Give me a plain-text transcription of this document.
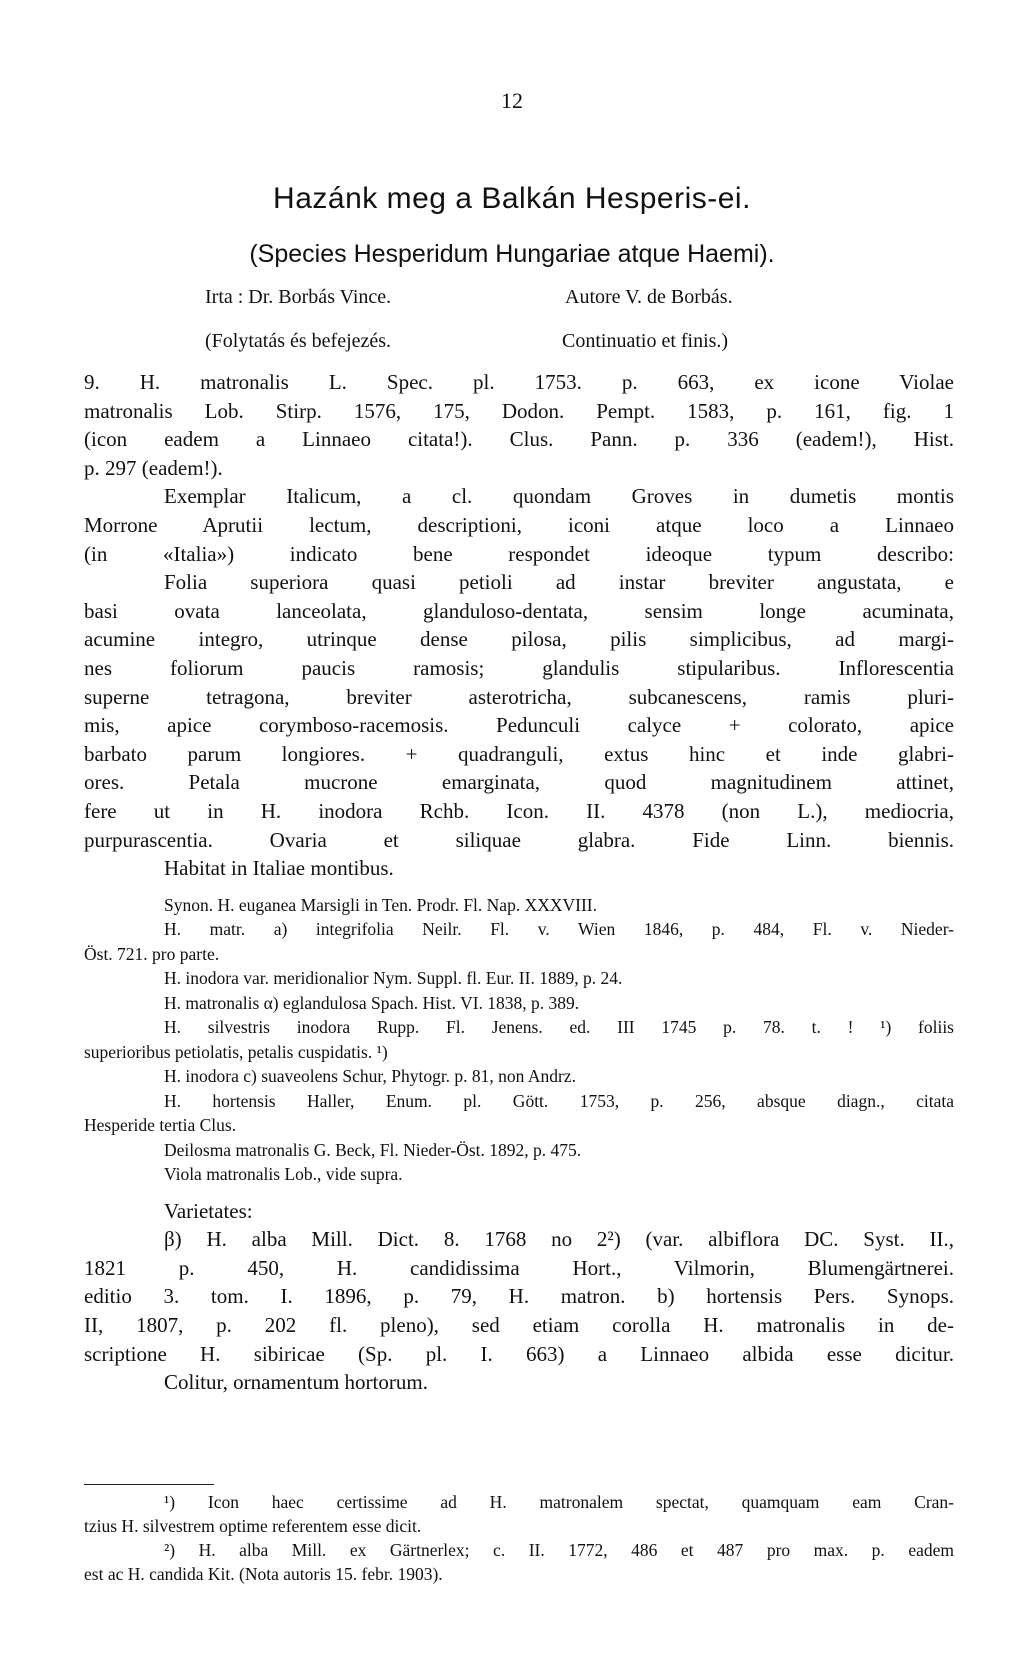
12
Hazánk meg a Balkán Hesperis-ei.
(Species Hesperidum Hungariae atque Haemi).
Irta : Dr. Borbás Vince.	Autore V. de Borbás.
(Folytatás és befejezés.	Continuatio et finis.)
9. H. matronalis L. Spec. pl. 1753. p. 663, ex icone Violae
matronalis Lob. Stirp. 1576, 175, Dodon. Pempt. 1583, p. 161, fig. 1
(icon eadem a Linnaeo citata!). Clus. Pann. p. 336 (eadem!), Hist.
p. 297 (eadem!).
Exemplar Italicum, a cl. quondam Groves in dumetis montis
Morrone Aprutii lectum, descriptioni, iconi atque loco a Linnaeo
(in «Italia») indicato bene respondet ideoque typum describo:
Folia superiora quasi petioli ad instar breviter angustata, e
basi ovata lanceolata, glanduloso-dentata, sensim longe acuminata,
acumine integro, utrinque dense pilosa, pilis simplicibus, ad margi-
nes foliorum paucis ramosis; glandulis stipularibus. Inflorescentia
superne tetragona, breviter asterotricha, subcanescens, ramis pluri-
mis, apice corymboso-racemosis. Pedunculi calyce + colorato, apice
barbato parum longiores. + quadranguli, extus hinc et inde glabri-
ores. Petala mucrone emarginata, quod magnitudinem attinet,
fere ut in H. inodora Rchb. Icon. II. 4378 (non L.), mediocria,
purpurascentia. Ovaria et siliquae glabra. Fide Linn. biennis.
Habitat in Italiae montibus.
Synon. H. euganea Marsigli in Ten. Prodr. Fl. Nap. XXXVIII.
H. matr. a) integrifolia Neilr. Fl. v. Wien 1846, p. 484, Fl. v. Nieder-
Öst. 721. pro parte.
H. inodora var. meridionalior Nym. Suppl. fl. Eur. II. 1889, p. 24.
H. matronalis α) eglandulosa Spach. Hist. VI. 1838, p. 389.
H. silvestris inodora Rupp. Fl. Jenens. ed. III 1745 p. 78. t. ! ¹) foliis
superioribus petiolatis, petalis cuspidatis. ¹)
H. inodora c) suaveolens Schur, Phytogr. p. 81, non Andrz.
H. hortensis Haller, Enum. pl. Gött. 1753, p. 256, absque diagn., citata
Hesperide tertia Clus.
Deilosma matronalis G. Beck, Fl. Nieder-Öst. 1892, p. 475.
Viola matronalis Lob., vide supra.
Varietates:
β) H. alba Mill. Dict. 8. 1768 no 2²) (var. albiflora DC. Syst. II.,
1821 p. 450, H. candidissima Hort., Vilmorin, Blumengärtnerei.
editio 3. tom. I. 1896, p. 79, H. matron. b) hortensis Pers. Synops.
II, 1807, p. 202 fl. pleno), sed etiam corolla H. matronalis in de-
scriptione H. sibiricae (Sp. pl. I. 663) a Linnaeo albida esse dicitur.
Colitur, ornamentum hortorum.
¹) Icon haec certissime ad H. matronalem spectat, quamquam eam Cran-
tzius H. silvestrem optime referentem esse dicit.
²) H. alba Mill. ex Gärtnerlex; c. II. 1772, 486 et 487 pro max. p. eadem
est ac H. candida Kit. (Nota autoris 15. febr. 1903).
